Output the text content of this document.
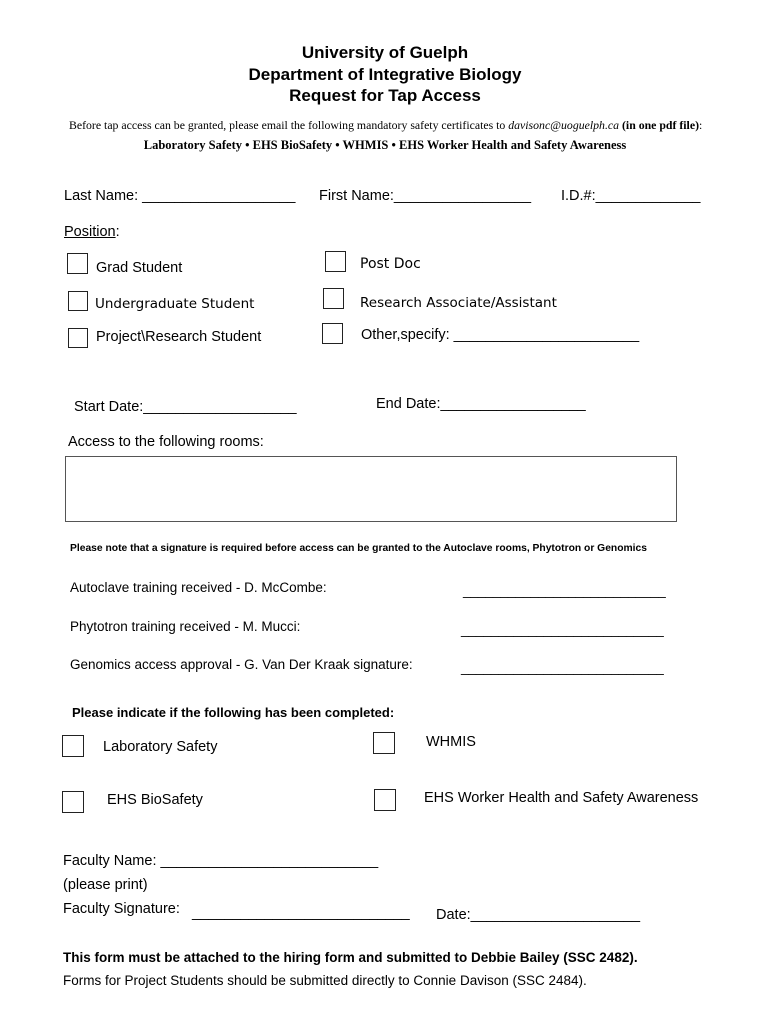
University of Guelph
Department of Integrative Biology
Request for Tap Access
Before tap access can be granted, please email the following mandatory safety certificates to davisonc@uoguelph.ca (in one pdf file):
Laboratory Safety • EHS BioSafety • WHMIS • EHS Worker Health and Safety Awareness
Last Name: ___________________ First Name:_________________ I.D.#:_____________
Position:
Grad Student	Post Doc
Undergraduate Student	Research Associate/Assistant
Project\Research Student	Other,specify: _______________________
Start Date:___________________	End Date:__________________
Access to the following rooms:
Please note that a signature is required before access can be granted to the Autoclave rooms, Phytotron or Genomics
Autoclave training received - D. McCombe:	___________________________
Phytotron training received - M. Mucci:	___________________________
Genomics access approval - G. Van Der Kraak signature:	___________________________
Please indicate if the following has been completed:
Laboratory Safety	WHMIS
EHS BioSafety	EHS Worker Health and Safety Awareness
Faculty Name: ___________________________
(please print)
Faculty Signature: ___________________________ Date:_____________________
This form must be attached to the hiring form and submitted to Debbie Bailey (SSC 2482).
Forms for Project Students should be submitted directly to Connie Davison (SSC 2484).
